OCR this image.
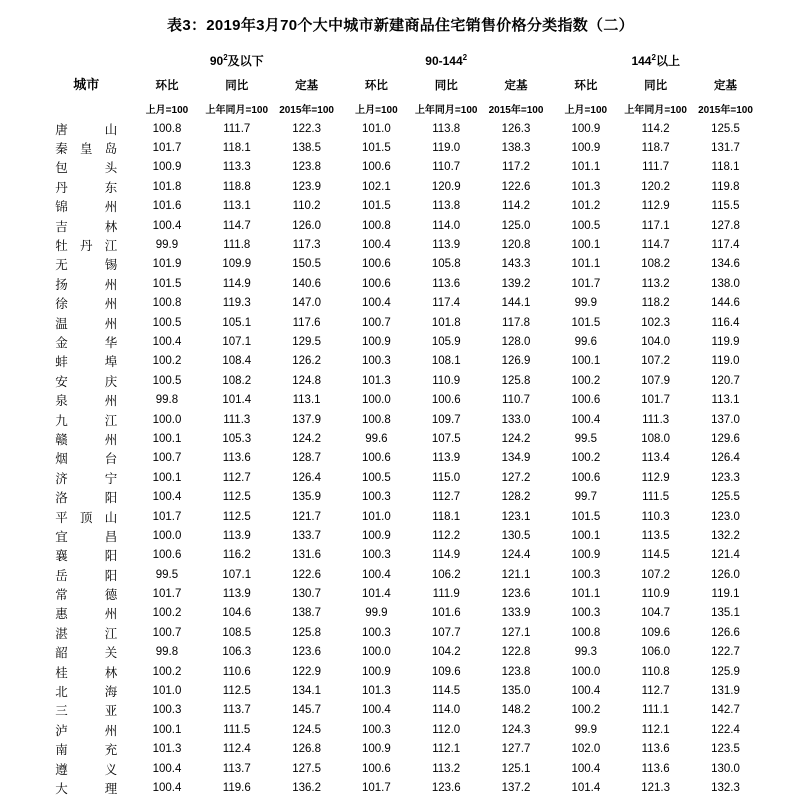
表3：2019年3月70个大中城市新建商品住宅销售价格分类指数（二）
城市	$90^2$及以下			$90-144^2$			$144^2$以上		
	环比	同比	定基	环比	同比	定基	环比	同比	定基
	上月=100	上年同月=100	2015年=100	上月=100	上年同月=100	2015年=100	上月=100	上年同月=100	2015年=100
唐山	100.8	111.7	122.3	101.0	113.8	126.3	100.9	114.2	125.5
秦皇岛	101.7	118.1	138.5	101.5	119.0	138.3	100.9	118.7	131.7
包头	100.9	113.3	123.8	100.6	110.7	117.2	101.1	111.7	118.1
丹东	101.8	118.8	123.9	102.1	120.9	122.6	101.3	120.2	119.8
锦州	101.6	113.1	110.2	101.5	113.8	114.2	101.2	112.9	115.5
吉林	100.4	114.7	126.0	100.8	114.0	125.0	100.5	117.1	127.8
牡丹江	99.9	111.8	117.3	100.4	113.9	120.8	100.1	114.7	117.4
无锡	101.9	109.9	150.5	100.6	105.8	143.3	101.1	108.2	134.6
扬州	101.5	114.9	140.6	100.6	113.6	139.2	101.7	113.2	138.0
徐州	100.8	119.3	147.0	100.4	117.4	144.1	99.9	118.2	144.6
温州	100.5	105.1	117.6	100.7	101.8	117.8	101.5	102.3	116.4
金华	100.4	107.1	129.5	100.9	105.9	128.0	99.6	104.0	119.9
蚌埠	100.2	108.4	126.2	100.3	108.1	126.9	100.1	107.2	119.0
安庆	100.5	108.2	124.8	101.3	110.9	125.8	100.2	107.9	120.7
泉州	99.8	101.4	113.1	100.0	100.6	110.7	100.6	101.7	113.1
九江	100.0	111.3	137.9	100.8	109.7	133.0	100.4	111.3	137.0
赣州	100.1	105.3	124.2	99.6	107.5	124.2	99.5	108.0	129.6
烟台	100.7	113.6	128.7	100.6	113.9	134.9	100.2	113.4	126.4
济宁	100.1	112.7	126.4	100.5	115.0	127.2	100.6	112.9	123.3
洛阳	100.4	112.5	135.9	100.3	112.7	128.2	99.7	111.5	125.5
平顶山	101.7	112.5	121.7	101.0	118.1	123.1	101.5	110.3	123.0
宜昌	100.0	113.9	133.7	100.9	112.2	130.5	100.1	113.5	132.2
襄阳	100.6	116.2	131.6	100.3	114.9	124.4	100.9	114.5	121.4
岳阳	99.5	107.1	122.6	100.4	106.2	121.1	100.3	107.2	126.0
常德	101.7	113.9	130.7	101.4	111.9	123.6	101.1	110.9	119.1
惠州	100.2	104.6	138.7	99.9	101.6	133.9	100.3	104.7	135.1
湛江	100.7	108.5	125.8	100.3	107.7	127.1	100.8	109.6	126.6
韶关	99.8	106.3	123.6	100.0	104.2	122.8	99.3	106.0	122.7
桂林	100.2	110.6	122.9	100.9	109.6	123.8	100.0	110.8	125.9
北海	101.0	112.5	134.1	101.3	114.5	135.0	100.4	112.7	131.9
三亚	100.3	113.7	145.7	100.4	114.0	148.2	100.2	111.1	142.7
泸州	100.1	111.5	124.5	100.3	112.0	124.3	99.9	112.1	122.4
南充	101.3	112.4	126.8	100.9	112.1	127.7	102.0	113.6	123.5
遵义	100.4	113.7	127.5	100.6	113.2	125.1	100.4	113.6	130.0
大理	100.4	119.6	136.2	101.7	123.6	137.2	101.4	121.3	132.3
